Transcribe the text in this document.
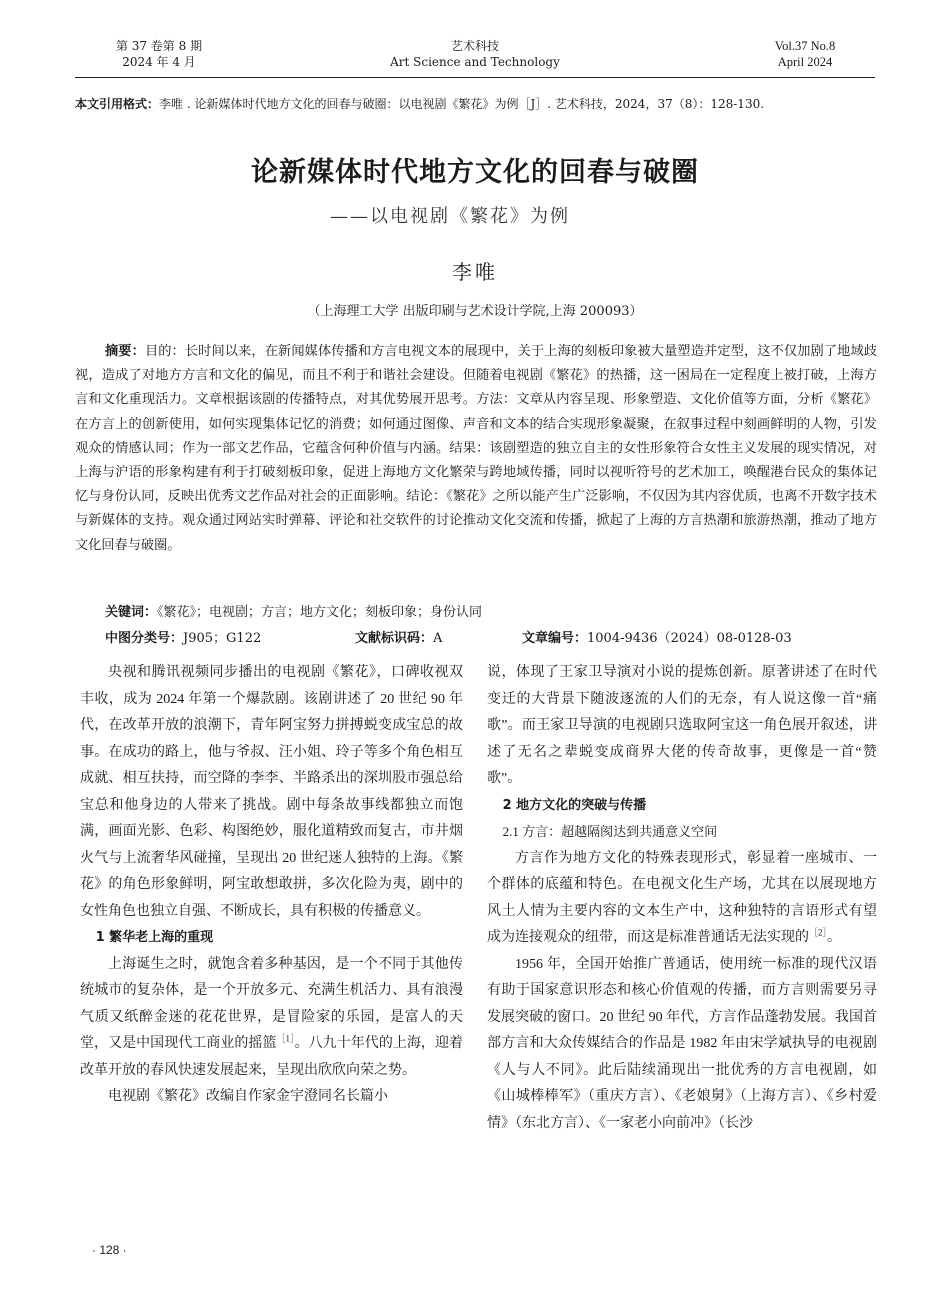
第 37 卷第 8 期
2024 年 4 月
艺术科技
Art Science and Technology
Vol.37 No.8
April 2024
本文引用格式：李唯 . 论新媒体时代地方文化的回春与破圈：以电视剧《繁花》为例［J］. 艺术科技，2024，37（8）：128-130.
论新媒体时代地方文化的回春与破圈
——以电视剧《繁花》为例
李唯
（上海理工大学 出版印刷与艺术设计学院,上海 200093）
摘要：目的：长时间以来，在新闻媒体传播和方言电视文本的展现中，关于上海的刻板印象被大量塑造并定型，这不仅加剧了地域歧视，造成了对地方方言和文化的偏见，而且不利于和谐社会建设。但随着电视剧《繁花》的热播，这一困局在一定程度上被打破，上海方言和文化重现活力。文章根据该剧的传播特点，对其优势展开思考。方法：文章从内容呈现、形象塑造、文化价值等方面，分析《繁花》在方言上的创新使用，如何实现集体记忆的消费；如何通过图像、声音和文本的结合实现形象凝聚，在叙事过程中刻画鲜明的人物，引发观众的情感认同；作为一部文艺作品，它蕴含何种价值与内涵。结果：该剧塑造的独立自主的女性形象符合女性主义发展的现实情况，对上海与沪语的形象构建有利于打破刻板印象，促进上海地方文化繁荣与跨地域传播，同时以视听符号的艺术加工，唤醒港台民众的集体记忆与身份认同，反映出优秀文艺作品对社会的正面影响。结论：《繁花》之所以能产生广泛影响，不仅因为其内容优质，也离不开数字技术与新媒体的支持。观众通过网站实时弹幕、评论和社交软件的讨论推动文化交流和传播，掀起了上海的方言热潮和旅游热潮，推动了地方文化回春与破圈。
关键词：《繁花》；电视剧；方言；地方文化；刻板印象；身份认同
中图分类号：J905；G122	文献标识码：A	文章编号：1004-9436（2024）08-0128-03

央视和腾讯视频同步播出的电视剧《繁花》，口碑收视双丰收，成为 2024 年第一个爆款剧。该剧讲述了 20 世纪 90 年代，在改革开放的浪潮下，青年阿宝努力拼搏蜕变成宝总的故事。在成功的路上，他与爷叔、汪小姐、玲子等多个角色相互成就、相互扶持，而空降的李李、半路杀出的深圳股市强总给宝总和他身边的人带来了挑战。剧中每条故事线都独立而饱满，画面光影、色彩、构图绝妙，服化道精致而复古，市井烟火气与上流奢华风碰撞，呈现出 20 世纪迷人独特的上海。《繁花》的角色形象鲜明，阿宝敢想敢拼，多次化险为夷，剧中的女性角色也独立自强、不断成长，具有积极的传播意义。

1 繁华老上海的重现

上海诞生之时，就饱含着多种基因，是一个不同于其他传统城市的复杂体，是一个开放多元、充满生机活力、具有浪漫气质又纸醉金迷的花花世界，是冒险家的乐园，是富人的天堂，又是中国现代工商业的摇篮$^{[1]}$。八九十年代的上海，迎着改革开放的春风快速发展起来，呈现出欣欣向荣之势。

电视剧《繁花》改编自作家金宇澄同名长篇小

说，体现了王家卫导演对小说的提炼创新。原著讲述了在时代变迁的大背景下随波逐流的人们的无奈，有人说这像一首“痛歌”。而王家卫导演的电视剧只选取阿宝这一角色展开叙述，讲述了无名之辈蜕变成商界大佬的传奇故事，更像是一首“赞歌”。

2 地方文化的突破与传播

2.1 方言：超越隔阂达到共通意义空间

方言作为地方文化的特殊表现形式，彰显着一座城市、一个群体的底蕴和特色。在电视文化生产场，尤其在以展现地方风土人情为主要内容的文本生产中，这种独特的言语形式有望成为连接观众的纽带，而这是标准普通话无法实现的$^{[2]}$。

1956 年，全国开始推广普通话，使用统一标准的现代汉语有助于国家意识形态和核心价值观的传播，而方言则需要另寻发展突破的窗口。20 世纪 90 年代，方言作品蓬勃发展。我国首部方言和大众传媒结合的作品是 1982 年由宋学斌执导的电视剧《人与人不同》。此后陆续涌现出一批优秀的方言电视剧，如《山城棒棒军》（重庆方言）、《老娘舅》（上海方言）、《乡村爱情》（东北方言）、《一家老小向前冲》（长沙

· 128 ·
